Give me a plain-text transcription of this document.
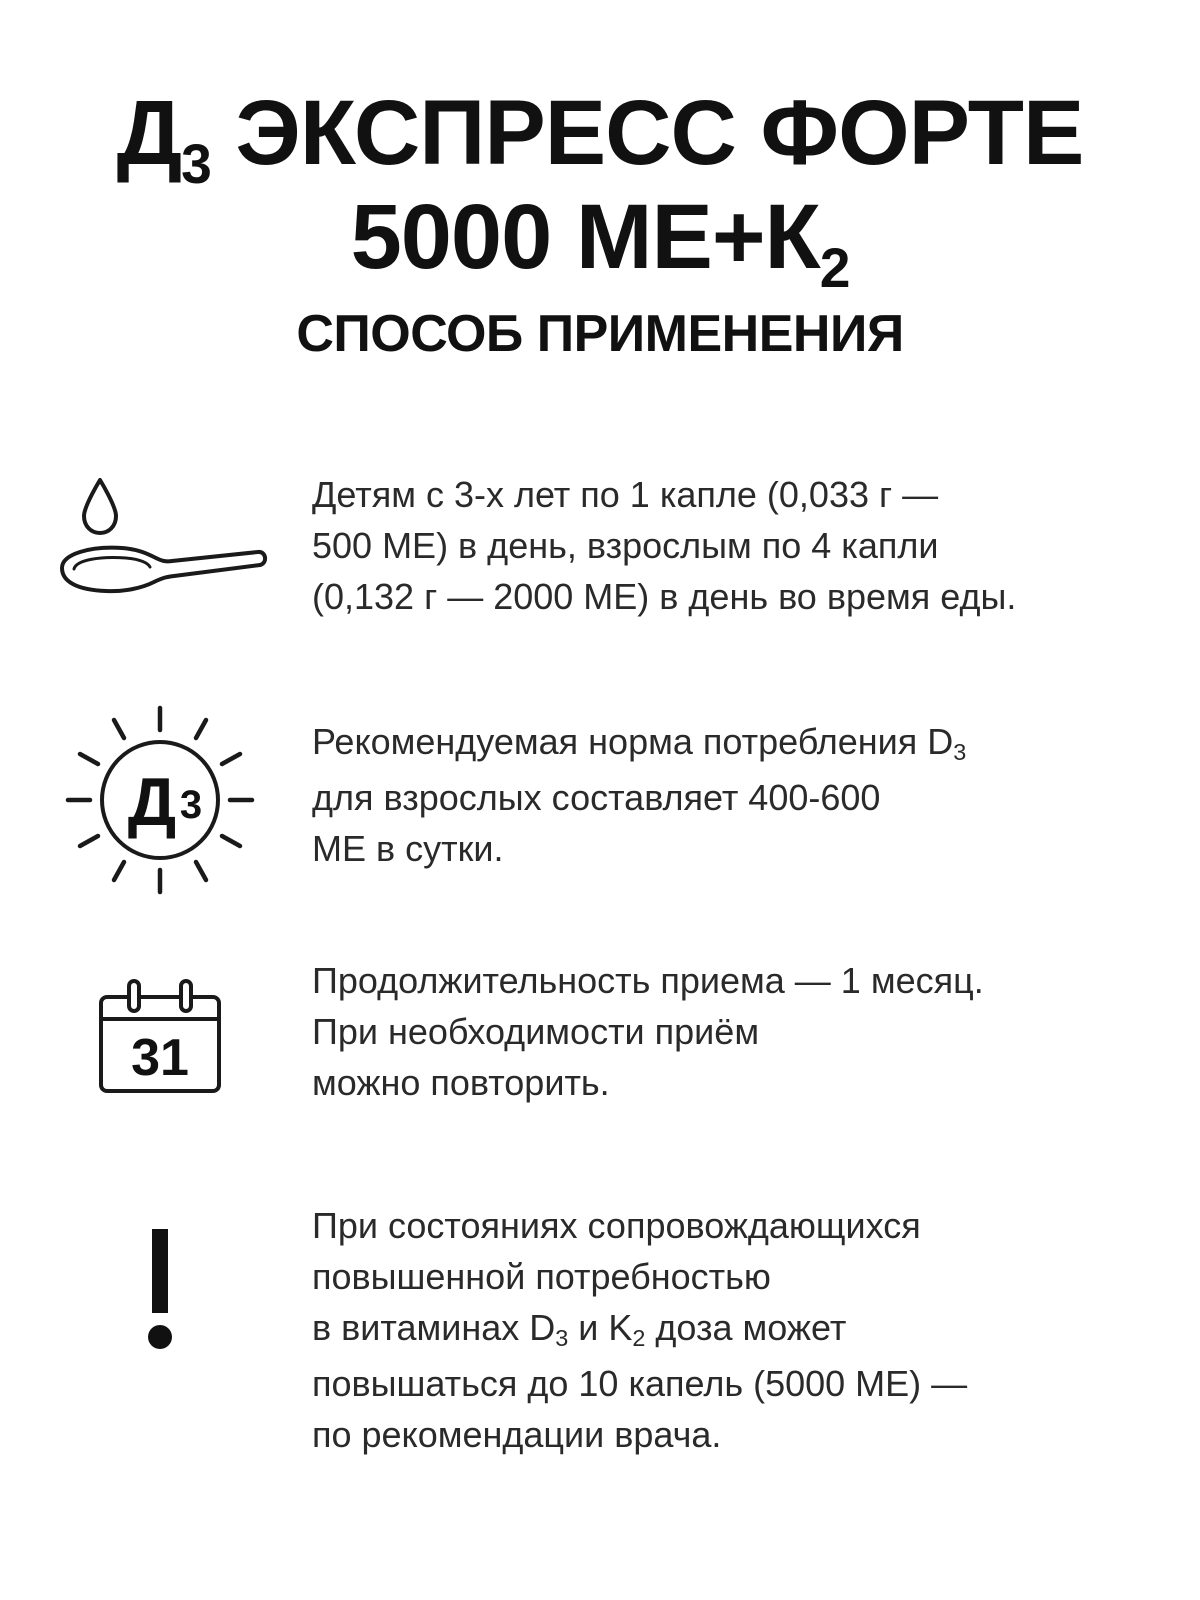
$Д_3$ ЭКСПРЕСС ФОРТЕ
5000 $МЕ+К_2$
СПОСОБ ПРИМЕНЕНИЯ

Детям с 3-х лет по 1 капле (0,033 г —
500 МЕ) в день, взрослым по 4 капли
(0,132 г — 2000 МЕ) в день во время еды.

Д 3

Рекомендуемая норма потребления D3
для взрослых составляет 400-600
МЕ в сутки.

31

Продолжительность приема — 1 месяц.
При необходимости приём
можно повторить.

При состояниях сопровождающихся
повышенной потребностью
в витаминах D3 и K2 доза может
повышаться до 10 капель (5000 МЕ) —
по рекомендации врача.
